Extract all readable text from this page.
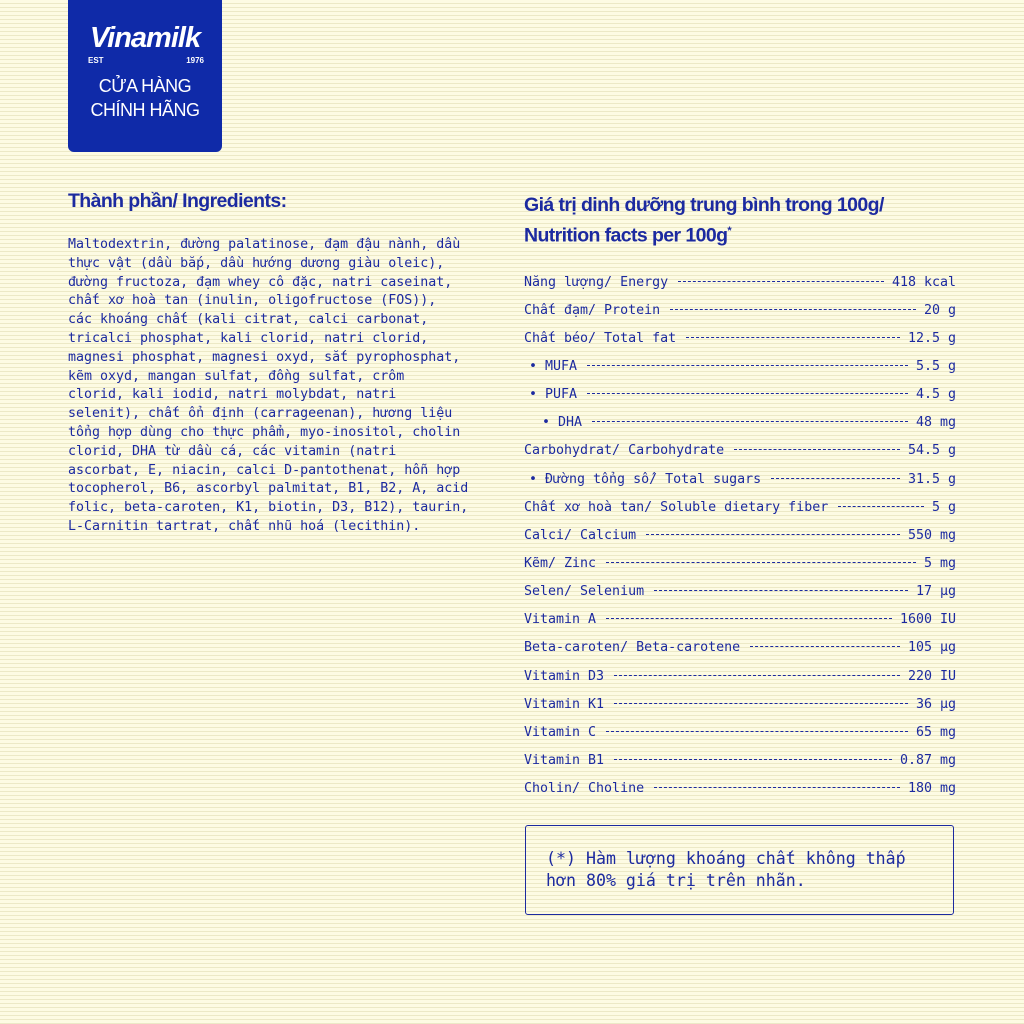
Vinamilk
EST	1976
CỬA HÀNG
CHÍNH HÃNG
Thành phần/ Ingredients:
Maltodextrin, đường palatinose, đạm đậu nành, dầu
thực vật (dầu bắp, dầu hướng dương giàu oleic),
đường fructoza, đạm whey cô đặc, natri caseinat,
chất xơ hoà tan (inulin, oligofructose (FOS)),
các khoáng chất (kali citrat, calci carbonat,
tricalci phosphat, kali clorid, natri clorid,
magnesi phosphat, magnesi oxyd, sắt pyrophosphat,
kẽm oxyd, mangan sulfat, đồng sulfat, crôm
clorid, kali iodid, natri molybdat, natri
selenit), chất ổn định (carrageenan), hương liệu
tổng hợp dùng cho thực phẩm, myo-inositol, cholin
clorid, DHA từ dầu cá, các vitamin (natri
ascorbat, E, niacin, calci D-pantothenat, hỗn hợp
tocopherol, B6, ascorbyl palmitat, B1, B2, A, acid
folic, beta-caroten, K1, biotin, D3, B12), taurin,
L-Carnitin tartrat, chất nhũ hoá (lecithin).
Giá trị dinh dưỡng trung bình trong 100g/
Nutrition facts per 100g*
Năng lượng/ Energy	418 kcal
Chất đạm/ Protein	20 g
Chất béo/ Total fat	12.5 g
• MUFA	5.5 g
• PUFA	4.5 g
• DHA	48 mg
Carbohydrat/ Carbohydrate	54.5 g
• Đường tổng số/ Total sugars	31.5 g
Chất xơ hoà tan/ Soluble dietary fiber	5 g
Calci/ Calcium	550 mg
Kẽm/ Zinc	5 mg
Selen/ Selenium	17 µg
Vitamin A	1600 IU
Beta-caroten/ Beta-carotene	105 µg
Vitamin D3	220 IU
Vitamin K1	36 µg
Vitamin C	65 mg
Vitamin B1	0.87 mg
Cholin/ Choline	180 mg
(*) Hàm lượng khoáng chất không thấp
hơn 80% giá trị trên nhãn.
